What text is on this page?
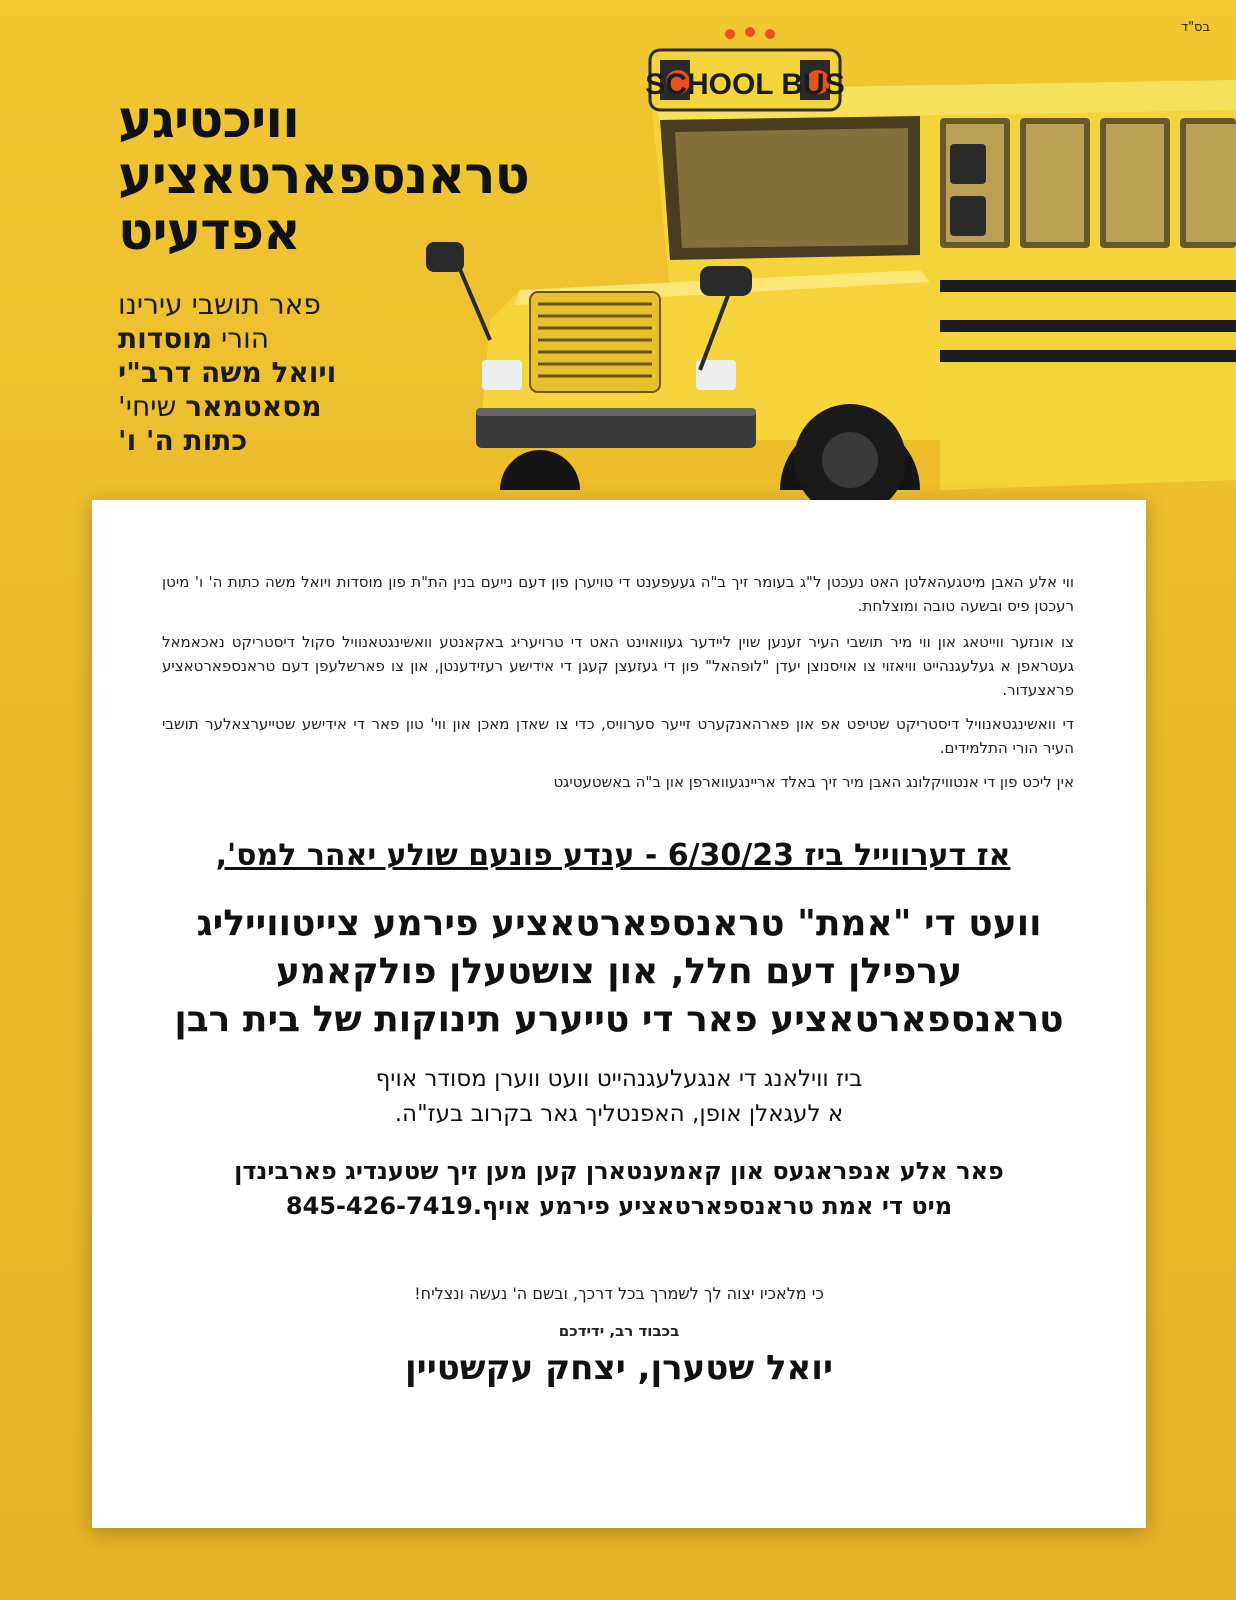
בס"ד
וויכטיגע
טראנספארטאציע
אפדעיט
פאר תושבי עירינו
הורי מוסדות
ויואל משה דרב"י
מסאטמאר שיחי'
כתות ה' ו'
SCHOOL BUS
ווי אלע האבן מיטגעהאלטן האט נעכטן ל"ג בעומר זיך ב"ה געעפענט די טויערן פון דעם נייעם בנין הת"ת פון מוסדות ויואל משה כתות ה' ו' מיטן רעכטן פיס ובשעה טובה ומוצלחת.
צו אונזער ווייטאג און ווי מיר תושבי העיר זענען שוין ליידער געוואוינט האט די טרויעריג באקאנטע וואשינגטאנוויל סקול דיסטריקט נאכאמאל געטראפן א געלעגנהייט וויאזוי צו אויסנוצן יעדן "לופהאל" פון די געזעצן קעגן די אידישע רעזידענטן, און צו פארשלעפן דעם טראנספארטאציע פראצעדור.
די וואשינגטאנוויל דיסטריקט שטיפט אפ און פארהאנקערט זייער סערוויס, כדי צו שאדן מאכן און ווי' טון פאר די אידישע שטייערצאלער תושבי העיר הורי התלמידים.
אין ליכט פון די אנטוויקלונג האבן מיר זיך באלד אריינגעווארפן און ב"ה באשטעטיגט
אז דערווייל ביז 6/30/23 - ענדע פונעם שולע יאהר למס',
וועט די "אמת" טראנספארטאציע פירמע צייטווייליג
ערפילן דעם חלל, און צושטעלן פולקאמע
טראנספארטאציע פאר די טייערע תינוקות של בית רבן
ביז ווילאנג די אנגעלעגנהייט וועט ווערן מסודר אויף
א לעגאלן אופן, האפנטליך גאר בקרוב בעז"ה.
פאר אלע אנפראגעס און קאמענטארן קען מען זיך שטענדיג פארבינדן
מיט די אמת טראנספארטאציע פירמע אויף.845-426-7419
כי מלאכיו יצוה לך לשמרך בכל דרכך, ובשם ה' נעשה ונצליח!
בכבוד רב, ידידכם
יואל שטערן, יצחק עקשטיין
